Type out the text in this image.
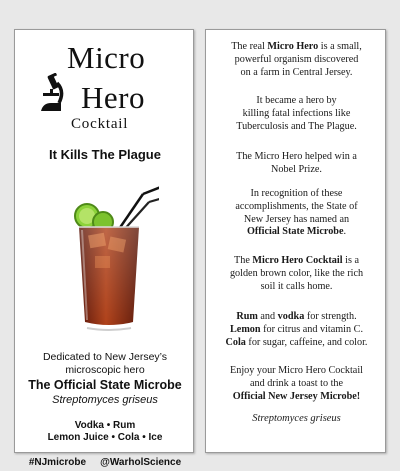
Micro
Hero
Cocktail
It Kills The Plague
Dedicated to New Jersey’s
microscopic hero
The Official State Microbe
Streptomyces griseus
Vodka • Rum
Lemon Juice • Cola • Ice
#NJmicrobe @WarholScience
The real Micro Hero is a small,
powerful organism discovered
on a farm in Central Jersey.
It became a hero by
killing fatal infections like
Tuberculosis and The Plague.
The Micro Hero helped win a
Nobel Prize.
In recognition of these
accomplishments, the State of
New Jersey has named an
Official State Microbe.
The Micro Hero Cocktail is a
golden brown color, like the rich
soil it calls home.
Rum and vodka for strength.
Lemon for citrus and vitamin C.
Cola for sugar, caffeine, and color.
Enjoy your Micro Hero Cocktail
and drink a toast to the
Official New Jersey Microbe!
Streptomyces griseus
